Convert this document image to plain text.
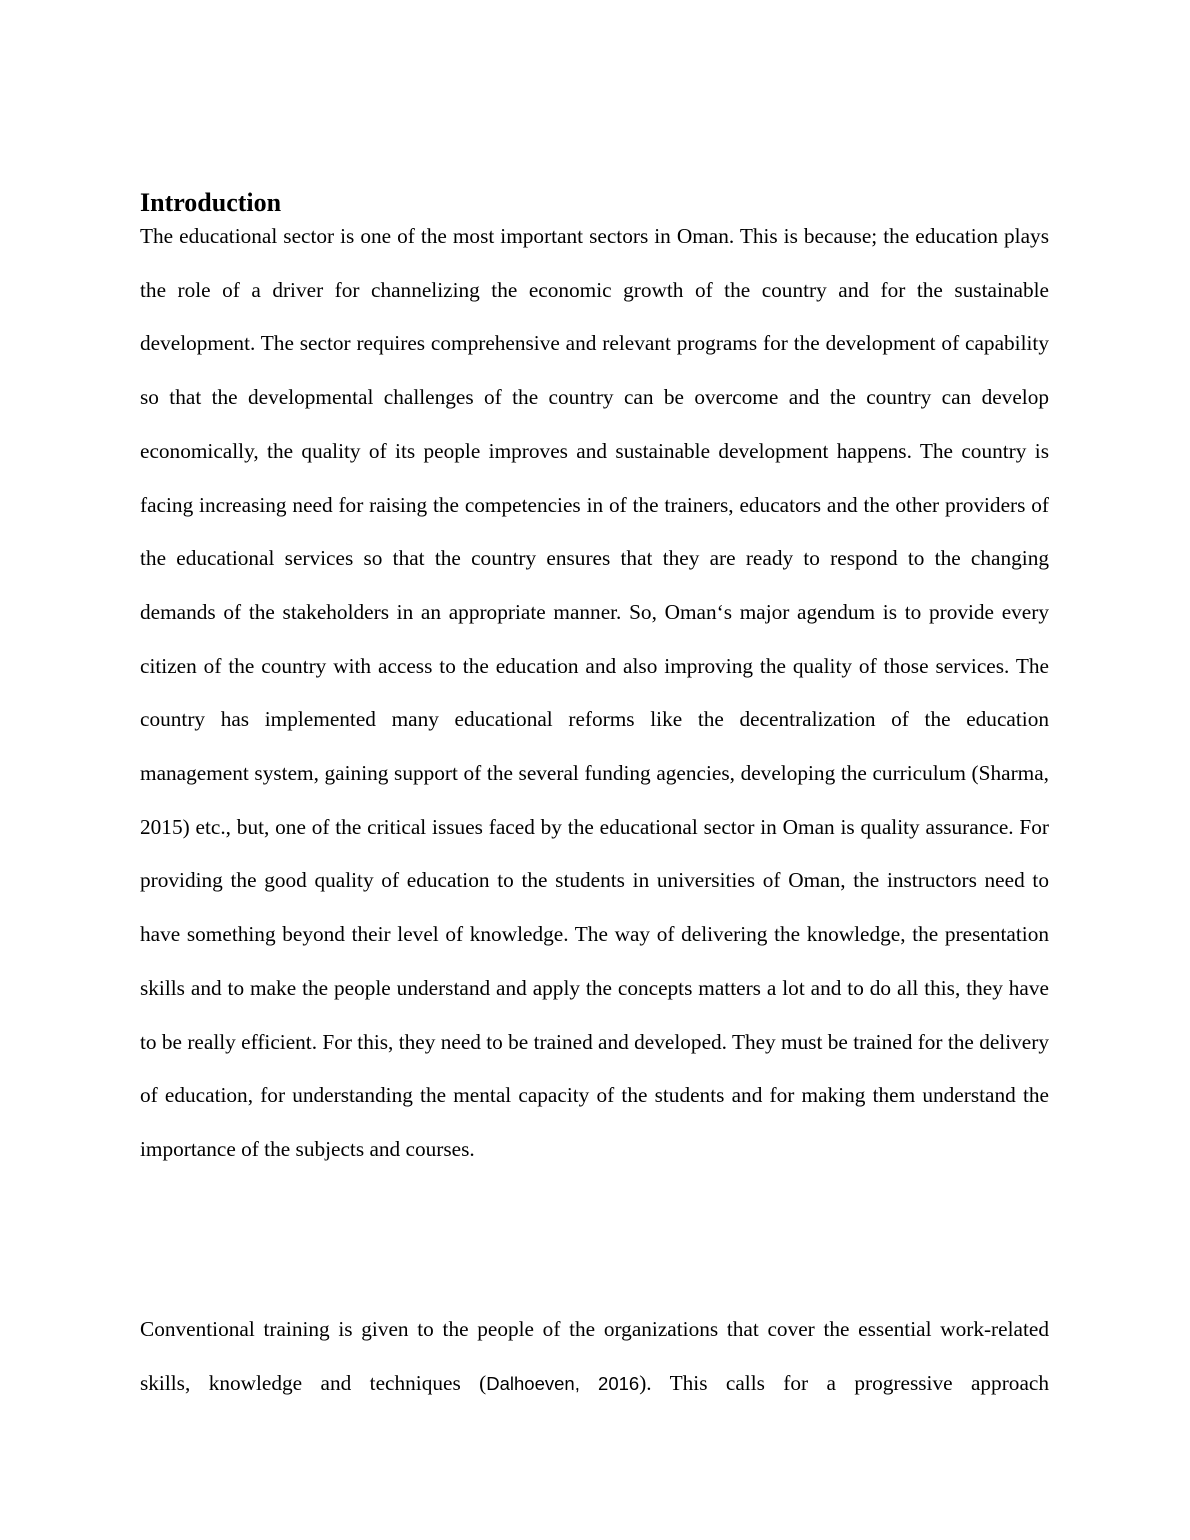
Introduction

The educational sector is one of the most important sectors in Oman. This is because; the education plays the role of a driver for channelizing the economic growth of the country and for the sustainable development. The sector requires comprehensive and relevant programs for the development of capability so that the developmental challenges of the country can be overcome and the country can develop economically, the quality of its people improves and sustainable development happens. The country is facing increasing need for raising the competencies in of the trainers, educators and the other providers of the educational services so that the country ensures that they are ready to respond to the changing demands of the stakeholders in an appropriate manner. So, Oman‘s major agendum is to provide every citizen of the country with access to the education and also improving the quality of those services. The country has implemented many educational reforms like the decentralization of the education management system, gaining support of the several funding agencies, developing the curriculum (Sharma, 2015) etc., but, one of the critical issues faced by the educational sector in Oman is quality assurance. For providing the good quality of education to the students in universities of Oman, the instructors need to have something beyond their level of knowledge. The way of delivering the knowledge, the presentation skills and to make the people understand and apply the concepts matters a lot and to do all this, they have to be really efficient. For this, they need to be trained and developed. They must be trained for the delivery of education, for understanding the mental capacity of the students and for making them understand the importance of the subjects and courses.

Conventional training is given to the people of the organizations that cover the essential work-related skills, knowledge and techniques (Dalhoeven, 2016). This calls for a progressive approach
